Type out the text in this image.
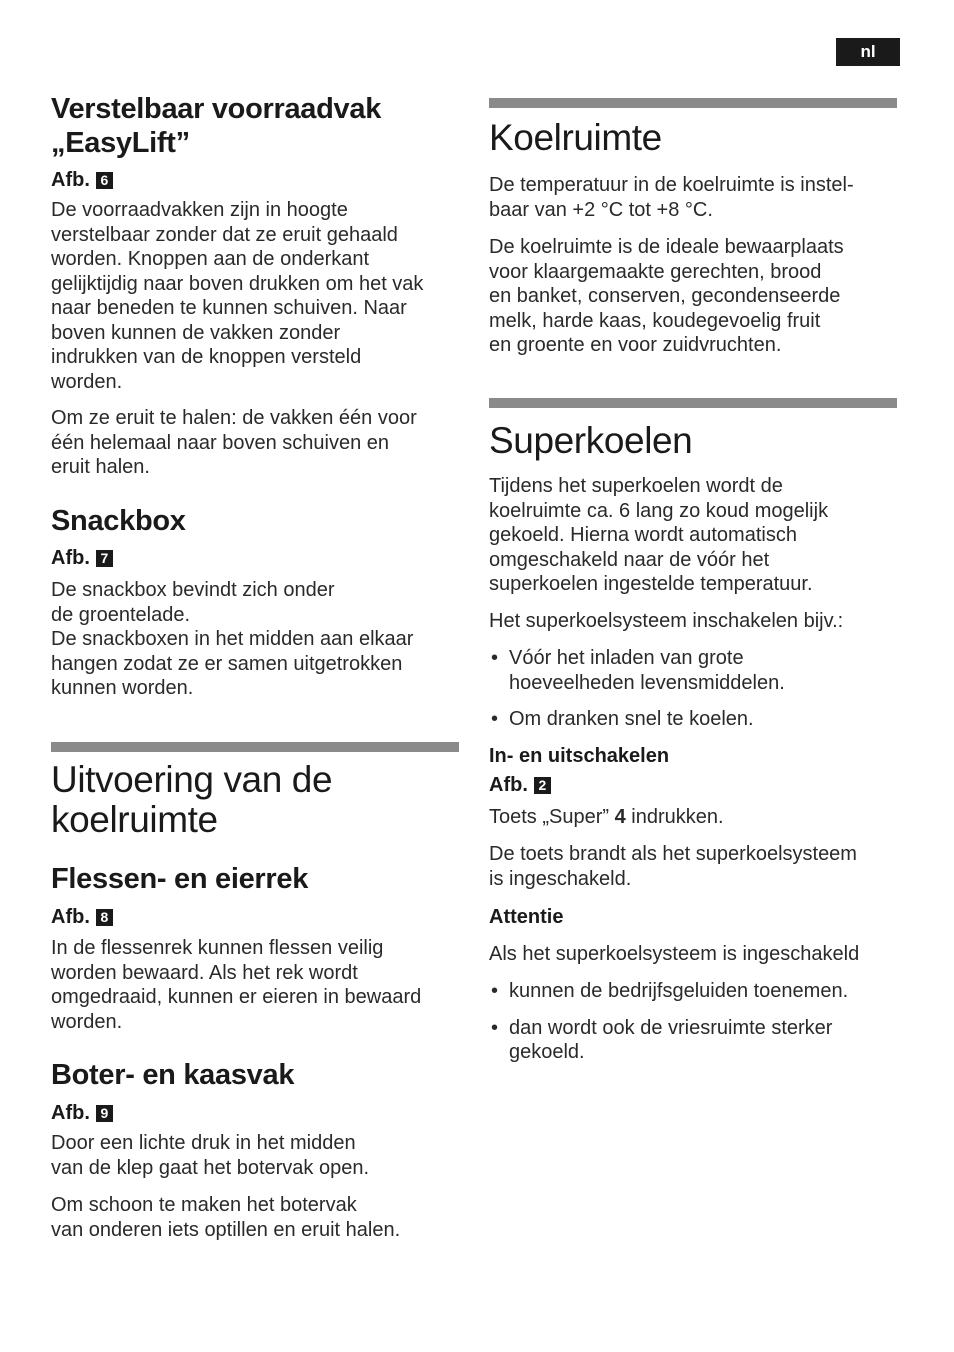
nl
Verstelbaar voorraadvak
„EasyLift”
Afb. 6
De voorraadvakken zijn in hoogte
verstelbaar zonder dat ze eruit gehaald
worden. Knoppen aan de onderkant
gelijktijdig naar boven drukken om het vak
naar beneden te kunnen schuiven. Naar
boven kunnen de vakken zonder
indrukken van de knoppen versteld
worden.
Om ze eruit te halen: de vakken één voor
één helemaal naar boven schuiven en
eruit halen.
Snackbox
Afb. 7
De snackbox bevindt zich onder
de groentelade.
De snackboxen in het midden aan elkaar
hangen zodat ze er samen uitgetrokken
kunnen worden.
Uitvoering van de
koelruimte
Flessen- en eierrek
Afb. 8
In de flessenrek kunnen flessen veilig
worden bewaard. Als het rek wordt
omgedraaid, kunnen er eieren in bewaard
worden.
Boter- en kaasvak
Afb. 9
Door een lichte druk in het midden
van de klep gaat het botervak open.
Om schoon te maken het botervak
van onderen iets optillen en eruit halen.
Koelruimte
De temperatuur in de koelruimte is instel-
baar van +2 °C tot +8 °C.
De koelruimte is de ideale bewaarplaats
voor klaargemaakte gerechten, brood
en banket, conserven, gecondenseerde
melk, harde kaas, koudegevoelig fruit
en groente en voor zuidvruchten.
Superkoelen
Tijdens het superkoelen wordt de
koelruimte ca. 6 lang zo koud mogelijk
gekoeld. Hierna wordt automatisch
omgeschakeld naar de vóór het
superkoelen ingestelde temperatuur.
Het superkoelsysteem inschakelen bijv.:
• Vóór het inladen van grote
hoeveelheden levensmiddelen.
• Om dranken snel te koelen.
In- en uitschakelen
Afb. 2
Toets „Super” 4 indrukken.
De toets brandt als het superkoelsysteem
is ingeschakeld.
Attentie
Als het superkoelsysteem is ingeschakeld
• kunnen de bedrijfsgeluiden toenemen.
• dan wordt ook de vriesruimte sterker
gekoeld.
